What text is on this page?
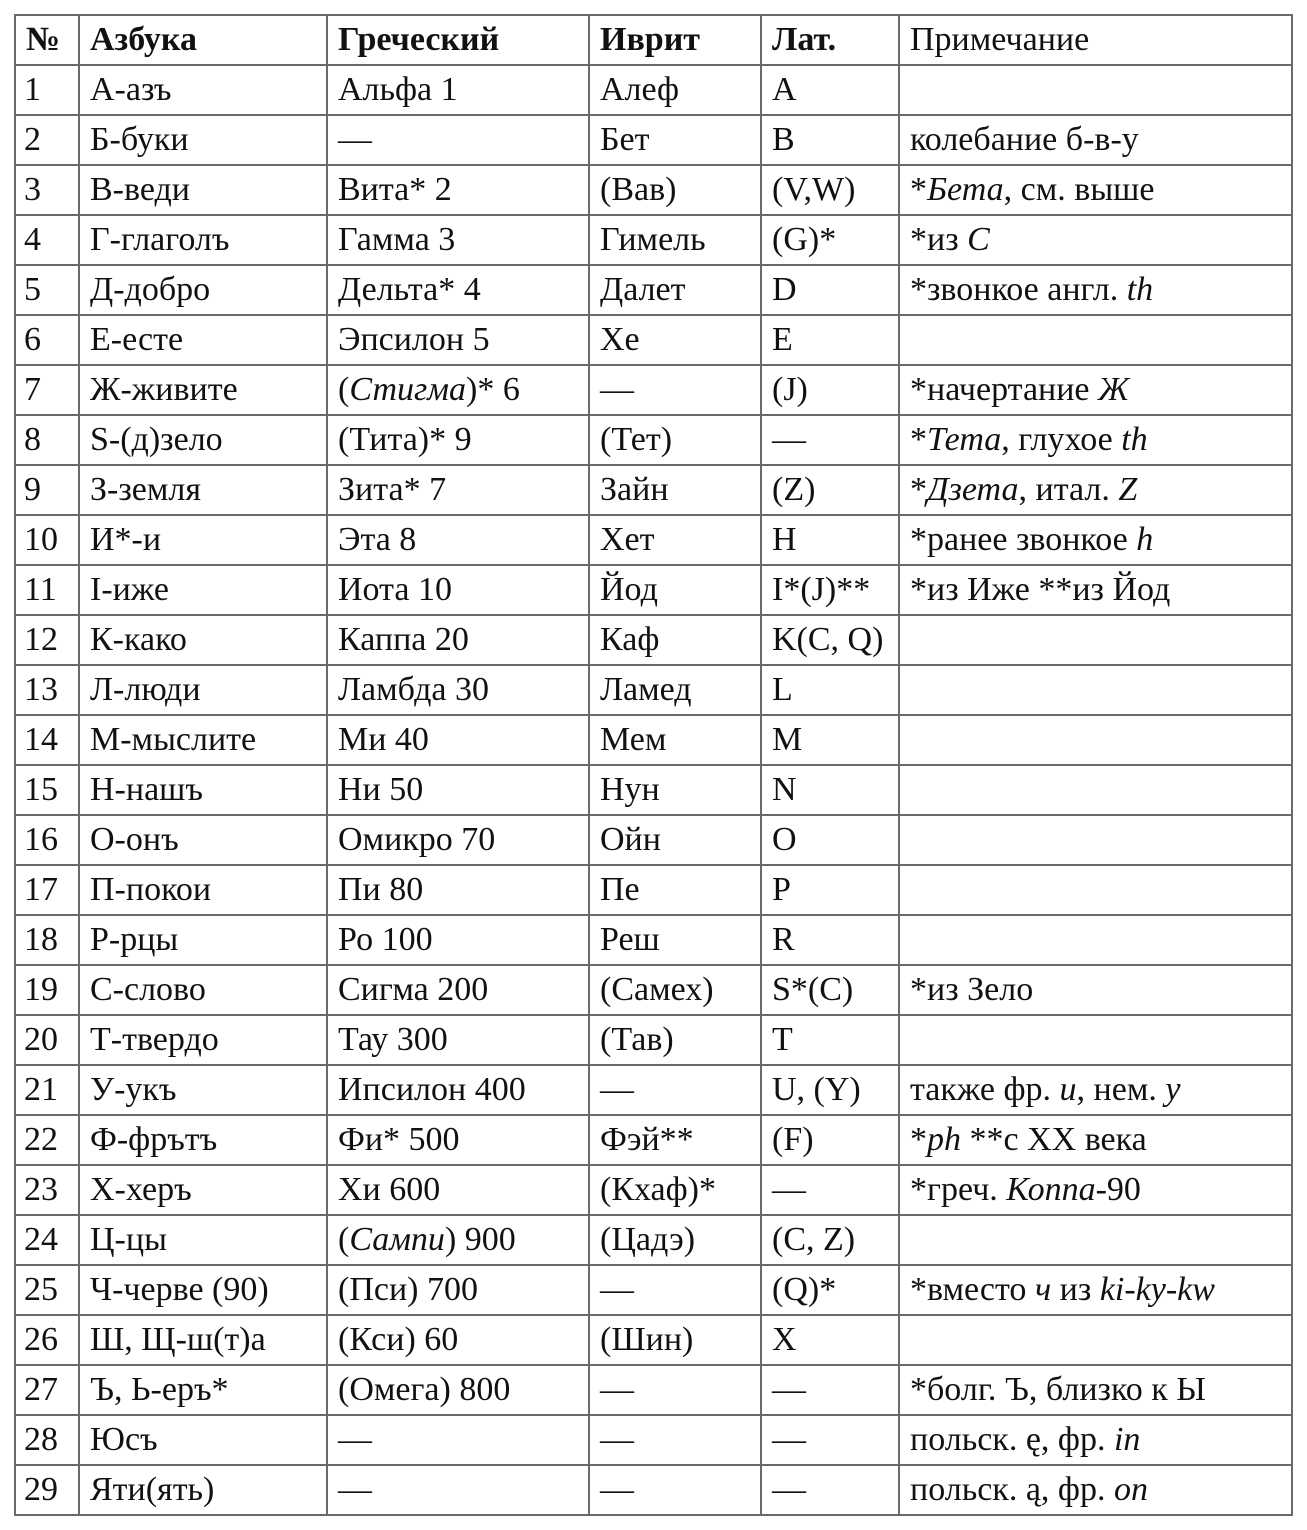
№	Азбука	Греческий	Иврит	Лат.	Примечание
1	А-азъ	Альфа 1	Алеф	A	
2	Б-буки	—	Бет	B	колебание б-в-у
3	В-веди	Вита* 2	(Вав)	(V,W)	*Бета, см. выше
4	Г-глаголъ	Гамма 3	Гимель	(G)*	*из C
5	Д-добро	Дельта* 4	Далет	D	*звонкое англ. th
6	Е-есте	Эпсилон 5	Хе	E	
7	Ж-живите	(Стигма)* 6	—	(J)	*начертание Ж
8	S-(д)зело	(Тита)* 9	(Тет)	—	*Тета, глухое th
9	З-земля	Зита* 7	Зайн	(Z)	*Дзета, итал. Z
10	И*-и	Эта 8	Хет	H	*ранее звонкое h
11	І-иже	Иота 10	Йод	I*(J)**	*из Иже **из Йод
12	К-како	Каппа 20	Каф	K(C, Q)	
13	Л-люди	Ламбда 30	Ламед	L	
14	М-мыслите	Ми 40	Мем	M	
15	Н-нашъ	Ни 50	Нун	N	
16	О-онъ	Омикро 70	Ойн	O	
17	П-покои	Пи 80	Пе	P	
18	Р-рцы	Ро 100	Реш	R	
19	С-слово	Сигма 200	(Самех)	S*(C)	*из Зело
20	Т-твердо	Тау 300	(Тав)	T	
21	У-укъ	Ипсилон 400	—	U, (Y)	также фр. u, нем. y
22	Ф-фрътъ	Фи* 500	Фэй**	(F)	*ph **с XX века
23	Х-херъ	Хи 600	(Кхаф)*	—	*греч. Коппа-90
24	Ц-цы	(Сампи) 900	(Цадэ)	(C, Z)	
25	Ч-черве (90)	(Пси) 700	—	(Q)*	*вместо ч из ki-ky-kw
26	Ш, Щ-ш(т)а	(Кси) 60	(Шин)	X	
27	Ъ, Ь-еръ*	(Омега) 800	—	—	*болг. Ъ, близко к Ы
28	Юсъ	—	—	—	польск. ę, фр. in
29	Яти(ять)	—	—	—	польск. ą, фр. on
